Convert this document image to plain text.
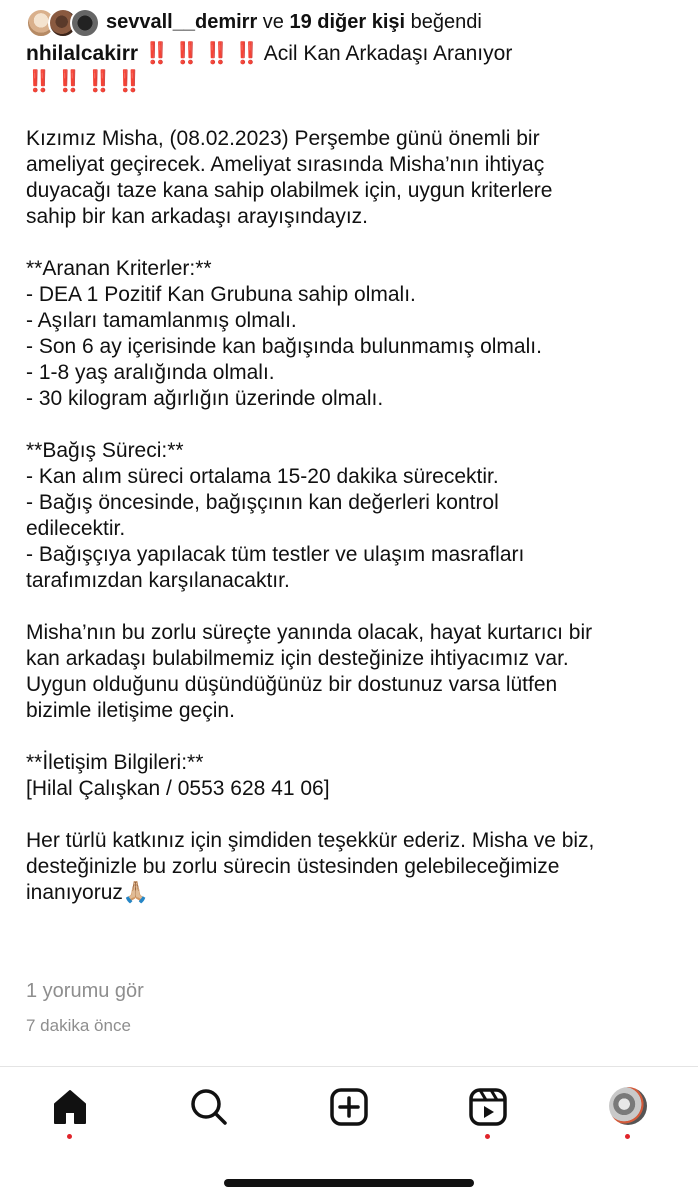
sevvall__demirr
ve
19 diğer kişi
beğendi
nhilalcakirr ‼️ ‼️ ‼️ ‼️ Acil Kan Arkadaşı Aranıyor
‼️ ‼️ ‼️ ‼️

Kızımız Misha, (08.02.2023) Perşembe günü önemli bir
ameliyat geçirecek. Ameliyat sırasında Misha’nın ihtiyaç
duyacağı taze kana sahip olabilmek için, uygun kriterlere
sahip bir kan arkadaşı arayışındayız.

**Aranan Kriterler:**
- DEA 1 Pozitif Kan Grubuna sahip olmalı.
- Aşıları tamamlanmış olmalı.
- Son 6 ay içerisinde kan bağışında bulunmamış olmalı.
- 1-8 yaş aralığında olmalı.
- 30 kilogram ağırlığın üzerinde olmalı.

**Bağış Süreci:**
- Kan alım süreci ortalama 15-20 dakika sürecektir.
- Bağış öncesinde, bağışçının kan değerleri kontrol
edilecektir.
- Bağışçıya yapılacak tüm testler ve ulaşım masrafları
tarafımızdan karşılanacaktır.

Misha’nın bu zorlu süreçte yanında olacak, hayat kurtarıcı bir
kan arkadaşı bulabilmemiz için desteğinize ihtiyacımız var.
Uygun olduğunu düşündüğünüz bir dostunuz varsa lütfen
bizimle iletişime geçin.

**İletişim Bilgileri:**
[Hilal Çalışkan / 0553 628 41 06]

Her türlü katkınız için şimdiden teşekkür ederiz. Misha ve biz,
desteğinizle bu zorlu sürecin üstesinden gelebileceğimize
inanıyoruz🙏🏼

1 yorumu gör
7 dakika önce
